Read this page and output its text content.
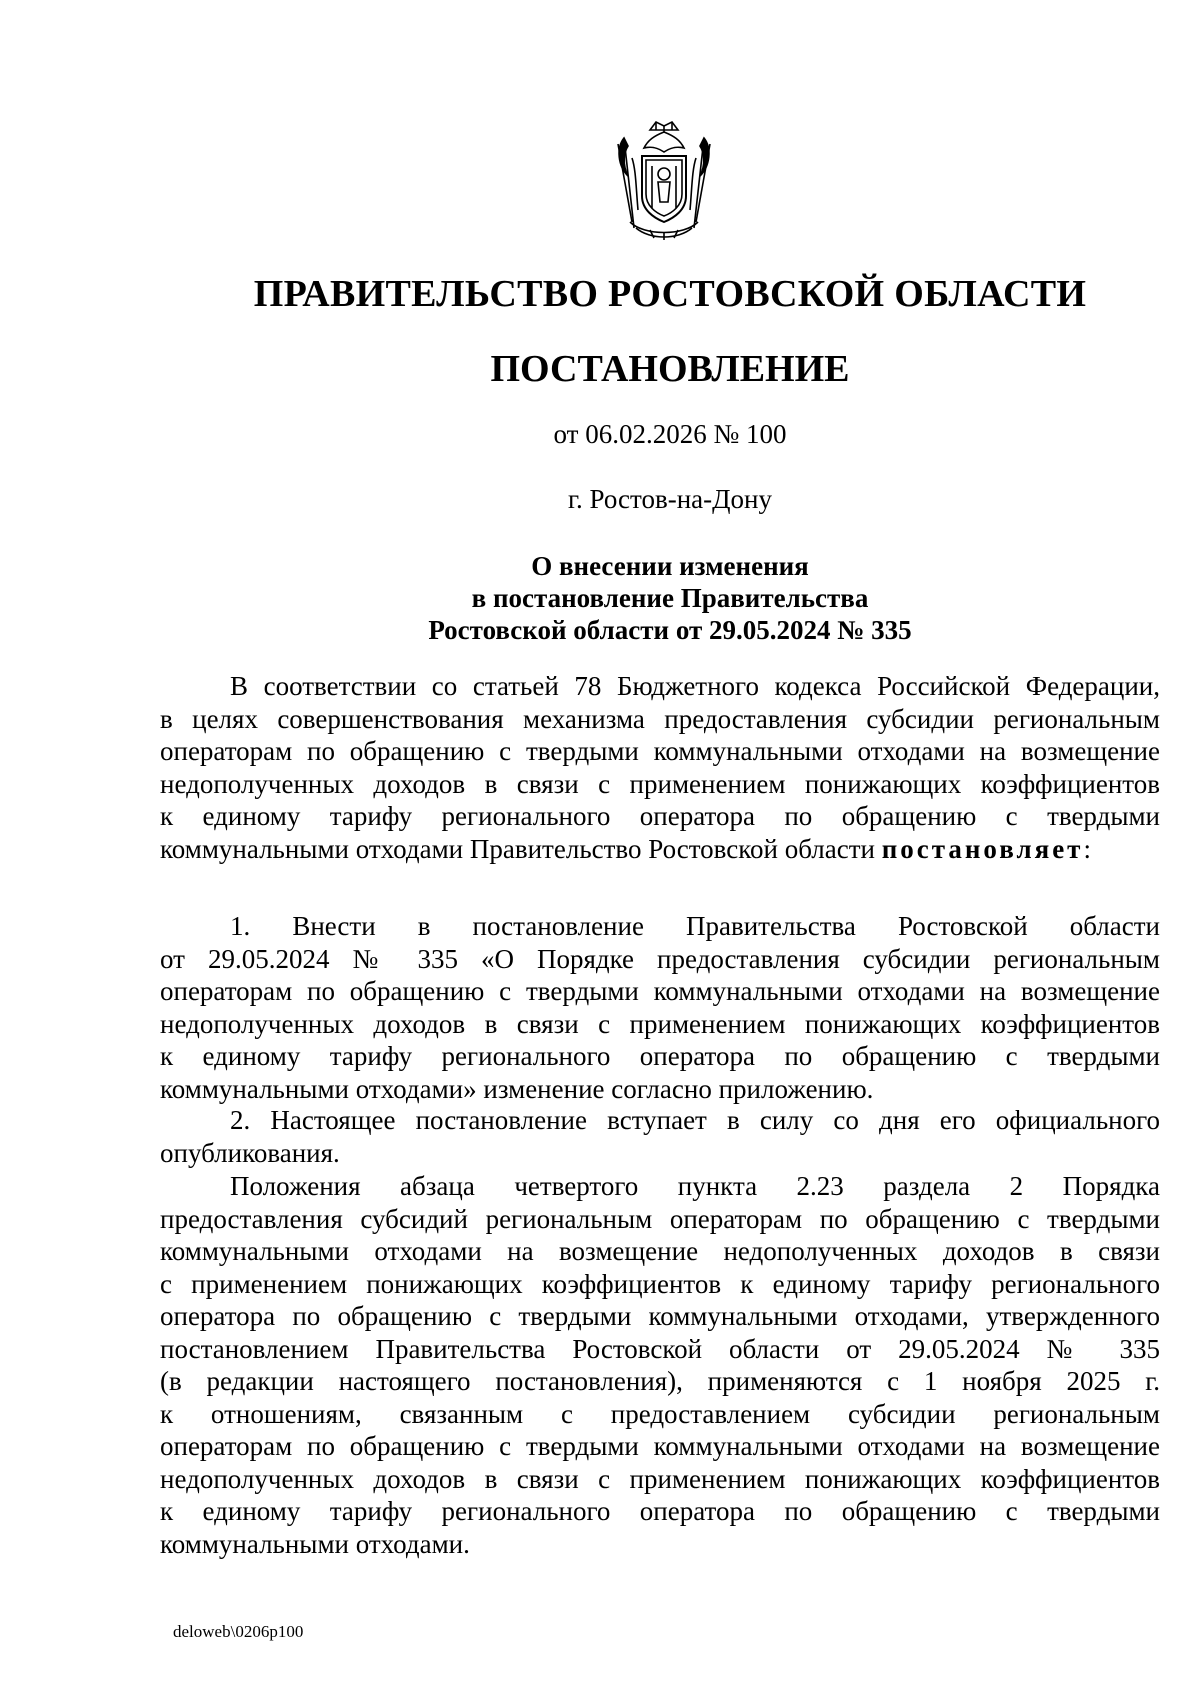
ПРАВИТЕЛЬСТВО РОСТОВСКОЙ ОБЛАСТИ
ПОСТАНОВЛЕНИЕ

от 06.02.2026 № 100

г. Ростов-на-Дону

О внесении изменения
в постановление Правительства
Ростовской области от 29.05.2024 № 335
В соответствии со статьей 78 Бюджетного кодекса Российской Федерации,
в целях совершенствования механизма предоставления субсидии региональным
операторам по обращению с твердыми коммунальными отходами на возмещение
недополученных доходов в связи с применением понижающих коэффициентов
к единому тарифу регионального оператора по обращению с твердыми
коммунальными отходами Правительство Ростовской области постановляет:
1. Внести в постановление Правительства Ростовской области
от 29.05.2024 № 335 «О Порядке предоставления субсидии региональным
операторам по обращению с твердыми коммунальными отходами на возмещение
недополученных доходов в связи с применением понижающих коэффициентов
к единому тарифу регионального оператора по обращению с твердыми
коммунальными отходами» изменение согласно приложению.
2. Настоящее постановление вступает в силу со дня его официального
опубликования.
Положения абзаца четвертого пункта 2.23 раздела 2 Порядка
предоставления субсидий региональным операторам по обращению с твердыми
коммунальными отходами на возмещение недополученных доходов в связи
с применением понижающих коэффициентов к единому тарифу регионального
оператора по обращению с твердыми коммунальными отходами, утвержденного
постановлением Правительства Ростовской области от 29.05.2024 № 335
(в редакции настоящего постановления), применяются с 1 ноября 2025 г.
к отношениям, связанным с предоставлением субсидии региональным
операторам по обращению с твердыми коммунальными отходами на возмещение
недополученных доходов в связи с применением понижающих коэффициентов
к единому тарифу регионального оператора по обращению с твердыми
коммунальными отходами.

deloweb\0206p100
